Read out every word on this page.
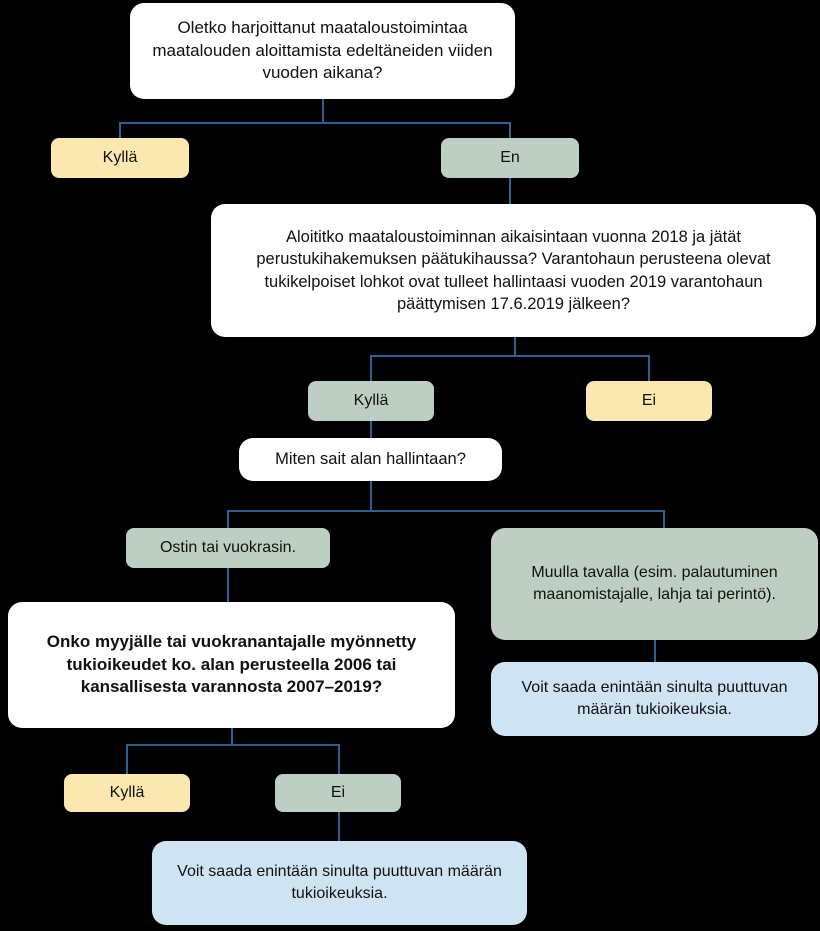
Oletko harjoittanut maataloustoimintaa maatalouden aloittamista edeltäneiden viiden vuoden aikana?
Kyllä	En
Aloititko maataloustoiminnan aikaisintaan vuonna 2018 ja jätät perustukihakemuksen päätukihaussa? Varantohaun perusteena olevat tukikelpoiset lohkot ovat tulleet hallintaasi vuoden 2019 varantohaun päättymisen 17.6.2019 jälkeen?
Kyllä	Ei
Miten sait alan hallintaan?
Ostin tai vuokrasin.
Muulla tavalla (esim. palautuminen maanomistajalle, lahja tai perintö).
Voit saada enintään sinulta puuttuvan määrän tukioikeuksia.
Onko myyjälle tai vuokranantajalle myönnetty tukioikeudet ko. alan perusteella 2006 tai kansallisesta varannosta 2007–2019?
Kyllä	Ei
Voit saada enintään sinulta puuttuvan määrän tukioikeuksia.
